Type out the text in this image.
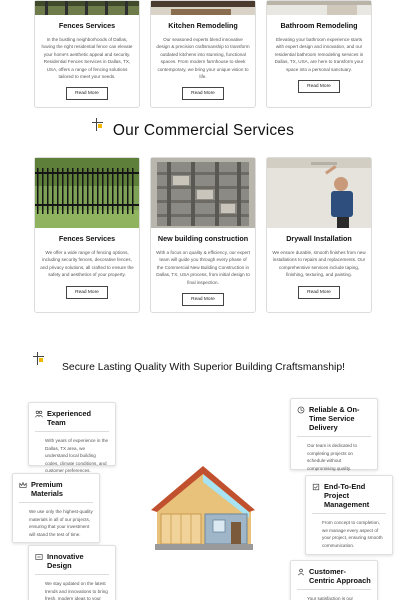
Fences Services

In the bustling neighborhoods of Dallas, having the right residential fence can elevate your home's aesthetic appeal and security. Residential Fences Services in Dallas, TX, USA, offers a range of fencing solutions tailored to meet your needs.

Read More
Kitchen Remodeling

Our seasoned experts blend innovative design & precision craftsmanship to transform outdated kitchens into stunning, functional spaces. From modern farmhouse to sleek contemporary, we bring your unique vision to life.

Read More
Bathroom Remodeling

Elevating your bathroom experience starts with expert design and innovation, and our residential bathroom remodeling services in Dallas, TX, USA, are here to transform your space into a personal sanctuary.

Read More
Our Commercial Services
Fences Services

We offer a wide range of fencing options, including security fences, decorative fences, and privacy solutions, all crafted to ensure the safety and aesthetics of your property.

Read More
New building construction

With a focus on quality & efficiency, our expert team will guide you through every phase of the Commercial New Building Construction in Dallas, TX, USA process, from initial design to final inspection.

Read More
Drywall Installation

We ensure durable, smooth finishes from new installations to repairs and replacements. Our comprehensive services include taping, finishing, texturing, and painting.

Read More
Secure Lasting Quality With Superior Building Craftsmanship!
Experienced Team

With years of experience in the Dallas, TX area, we understand local building codes, climate conditions, and customer preferences.

Premium Materials

We use only the highest-quality materials in all of our projects, ensuring that your investment will stand the test of time.

Innovative Design

We stay updated on the latest trends and innovations to bring fresh, modern ideas to your

Reliable & On-Time Service Delivery

Our team is dedicated to completing projects on schedule without compromising quality.

End-To-End Project Management

From concept to completion, we manage every aspect of your project, ensuring smooth communication.

Customer-Centric Approach

Your satisfaction is our
